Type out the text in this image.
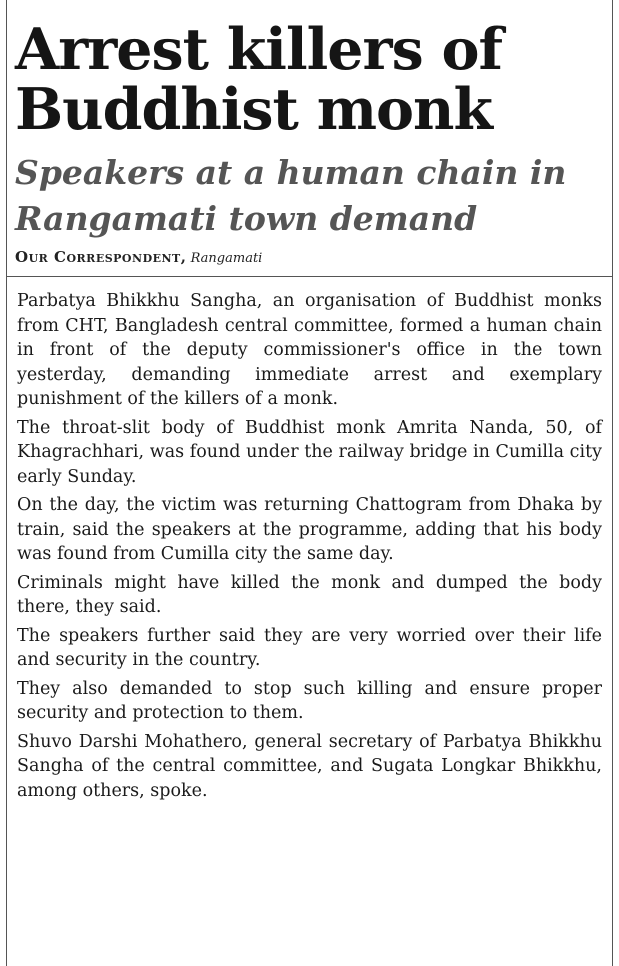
Arrest killers of Buddhist monk
Speakers at a human chain in Rangamati town demand
Our Correspondent, Rangamati

Parbatya Bhikkhu Sangha, an organisation of Buddhist monks from CHT, Bangladesh central committee, formed a human chain in front of the deputy commissioner's office in the town yesterday, demanding immediate arrest and exemplary punishment of the killers of a monk.

The throat-slit body of Buddhist monk Amrita Nanda, 50, of Khagrachhari, was found under the railway bridge in Cumilla city early Sunday.

On the day, the victim was returning Chattogram from Dhaka by train, said the speakers at the programme, adding that his body was found from Cumilla city the same day.

Criminals might have killed the monk and dumped the body there, they said.

The speakers further said they are very worried over their life and security in the country.

They also demanded to stop such killing and ensure proper security and protection to them.

Shuvo Darshi Mohathero, general secretary of Parbatya Bhikkhu Sangha of the central committee, and Sugata Longkar Bhikkhu, among others, spoke.
